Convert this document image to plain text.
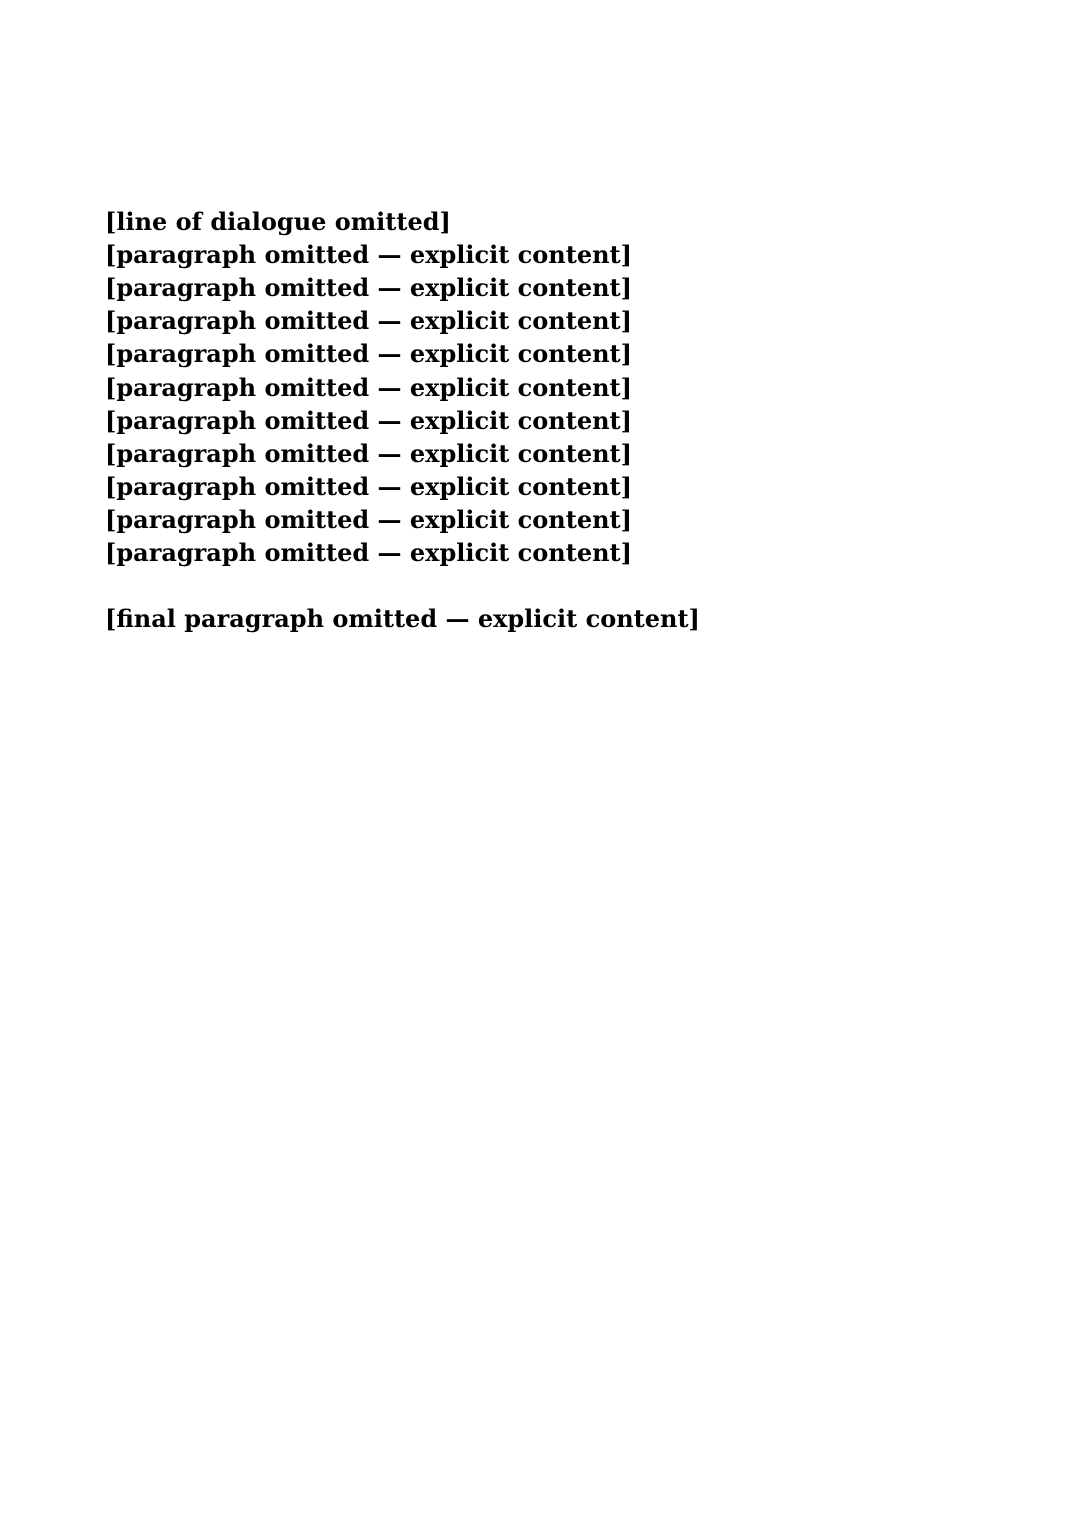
[line of dialogue omitted]

[paragraph omitted — explicit content]

[paragraph omitted — explicit content]

[paragraph omitted — explicit content]

[paragraph omitted — explicit content]

[paragraph omitted — explicit content]

[paragraph omitted — explicit content]

[paragraph omitted — explicit content]

[paragraph omitted — explicit content]

[paragraph omitted — explicit content]

[paragraph omitted — explicit content]

[final paragraph omitted — explicit content]
